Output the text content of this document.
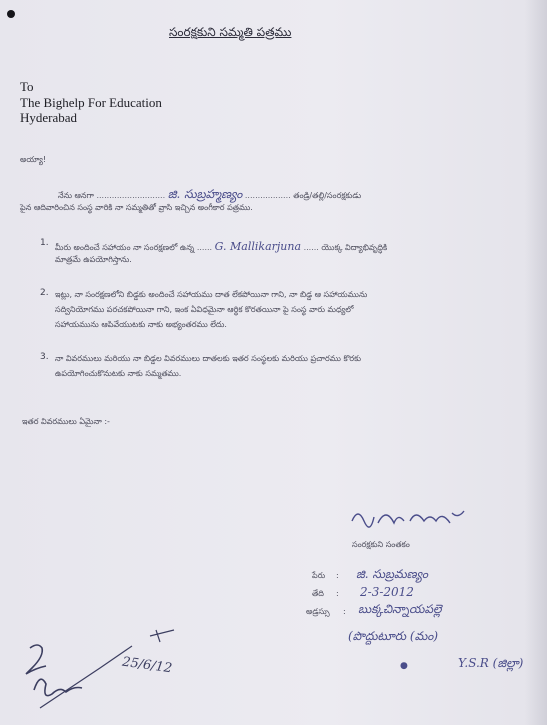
సంరక్షకుని సమ్మతి పత్రము
To
The Bighelp For Education
Hyderabad
అయ్యా!
నేను ఆనగా ........................... జి. సుబ్రహ్మణ్యం .................. తండ్రి/తల్లి/సంరక్షకుడు
పైన ఆదివారించిన సంస్థ వారికి నా సమ్మతితో వ్రాసి ఇచ్చిన అంగీకార పత్రము.
1. మీరు అందించే సహాయం నా సంరక్షణలో ఉన్న ...... G. Mallikarjuna ...... యొక్క విద్యాభివృద్ధికి
మాత్రమే ఉపయోగిస్తాను.
2. ఇట్లు, నా సంరక్షణలోని బిడ్డకు అందించే సహాయము దాత లేకపోయినా గాని, నా బిడ్డ ఆ సహాయమును
సద్వినియోగము పరచకపోయినా గాని, ఇంక ఏవిధమైనా ఆర్థిక కొరతయినా పై సంస్థ వారు మధ్యలో
సహాయమును ఆపివేయుటకు నాకు అభ్యంతరము లేదు.
3. నా వివరములు మరియు నా బిడ్డల వివరములు దాతలకు ఇతర సంస్థలకు మరియు ప్రచారము కొరకు
ఉపయోగించుకొనుటకు నాకు సమ్మతము.
ఇతర వివరములు ఏమైనా :-
సంరక్షకుని సంతకం
పేరు : జి. సుబ్రమణ్యం
తేది : 2-3-2012
అడ్రస్సు : బుక్కచిన్నాయపల్లె
(పొద్దుటూరు (మం)
●	Y.S.R (జిల్లా)
25/6/12
